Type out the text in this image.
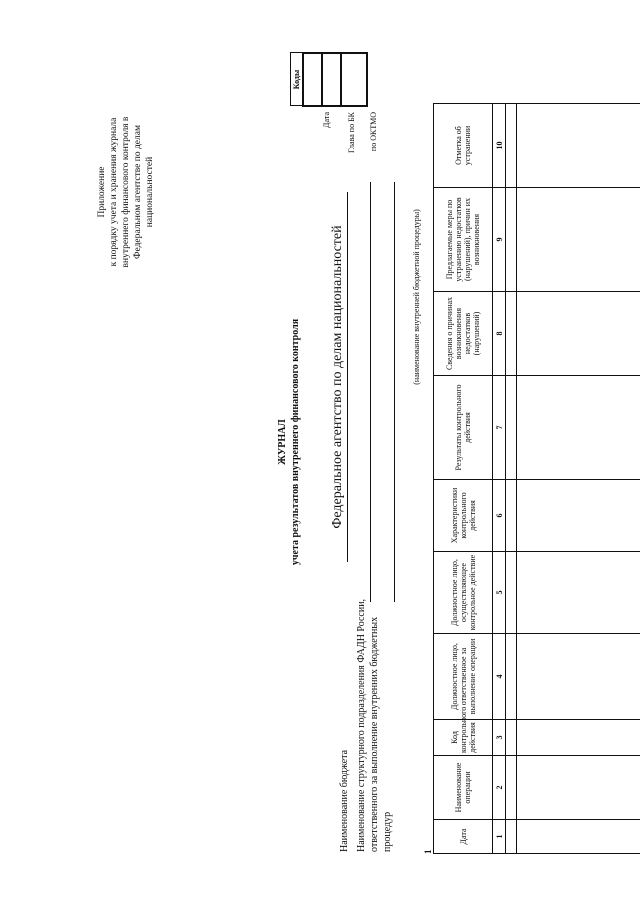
Приложение к порядку учета и хранения журнала внутреннего финансового контроля в Федеральном агентстве по делам национальностей
ЖУРНАЛ учета результатов внутреннего финансового контроля Федеральное агентство по делам национальностей
Наименование бюджета Наименование структурного подразделения ФАДН России, ответственного за выполнение внутренних бюджетных процедур
Дата Глава по БК по ОКТМО
Коды

(наименование внутренней бюджетной процедуры)
1
Дата	Наименование операции	Код контрольного действия	Должностное лицо, ответственное за выполнение операции	Должностное лицо, осуществляющее контрольное действие	Характеристики контрольного действия	Результаты контрольного действия	Сведения о причинах возникновения недостатков (нарушений)	Предлагаемые меры по устранению недостатков (нарушений), причин их возникновения	Отметка об устранении
1	2	3	4	5	6	7	8	9	10
